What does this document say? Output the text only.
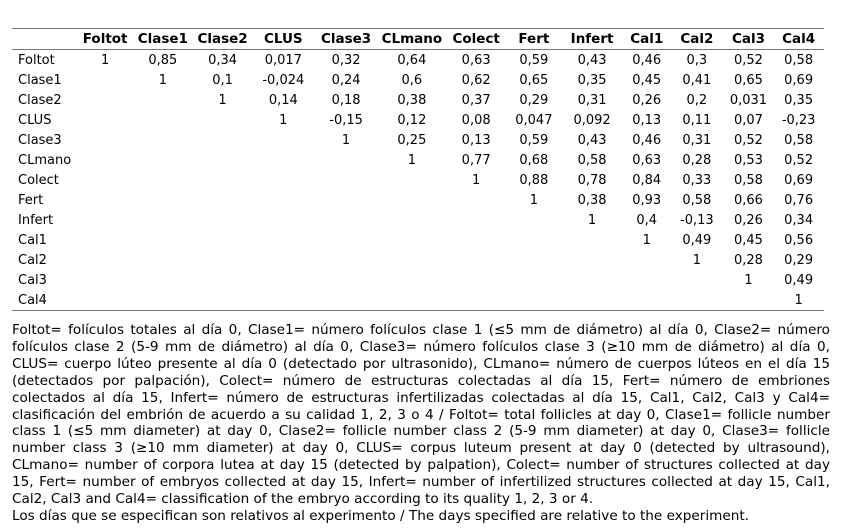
	Foltot	Clase1	Clase2	CLUS	Clase3	CLmano	Colect	Fert	Infert	Cal1	Cal2	Cal3	Cal4
Foltot	1	0,85	0,34	0,017	0,32	0,64	0,63	0,59	0,43	0,46	0,3	0,52	0,58
Clase1		1	0,1	-0,024	0,24	0,6	0,62	0,65	0,35	0,45	0,41	0,65	0,69
Clase2			1	0,14	0,18	0,38	0,37	0,29	0,31	0,26	0,2	0,031	0,35
CLUS				1	-0,15	0,12	0,08	0,047	0,092	0,13	0,11	0,07	-0,23
Clase3					1	0,25	0,13	0,59	0,43	0,46	0,31	0,52	0,58
CLmano						1	0,77	0,68	0,58	0,63	0,28	0,53	0,52
Colect							1	0,88	0,78	0,84	0,33	0,58	0,69
Fert								1	0,38	0,93	0,58	0,66	0,76
Infert									1	0,4	-0,13	0,26	0,34
Cal1										1	0,49	0,45	0,56
Cal2											1	0,28	0,29
Cal3												1	0,49
Cal4													1

Foltot= folículos totales al día 0, Clase1= número folículos clase 1 (≤5 mm de diámetro) al día 0, Clase2= número folículos clase 2 (5-9 mm de diámetro) al día 0, Clase3= número folículos clase 3 (≥10 mm de diámetro) al día 0, CLUS= cuerpo lúteo presente al día 0 (detectado por ultrasonido), CLmano= número de cuerpos lúteos en el día 15 (detectados por palpación), Colect= número de estructuras colectadas al día 15, Fert= número de embriones colectados al día 15, Infert= número de estructuras infertilizadas colectadas al día 15, Cal1, Cal2, Cal3 y Cal4= clasificación del embrión de acuerdo a su calidad 1, 2, 3 o 4 / Foltot= total follicles at day 0, Clase1= follicle number class 1 (≤5 mm diameter) at day 0, Clase2= follicle number class 2 (5-9 mm diameter) at day 0, Clase3= follicle number class 3 (≥10 mm diameter) at day 0, CLUS= corpus luteum present at day 0 (detected by ultrasound), CLmano= number of corpora lutea at day 15 (detected by palpation), Colect= number of structures collected at day 15, Fert= number of embryos collected at day 15, Infert= number of infertilized structures collected at day 15, Cal1, Cal2, Cal3 and Cal4= classification of the embryo according to its quality 1, 2, 3 or 4.

Los días que se especifican son relativos al experimento / The days specified are relative to the experiment.
